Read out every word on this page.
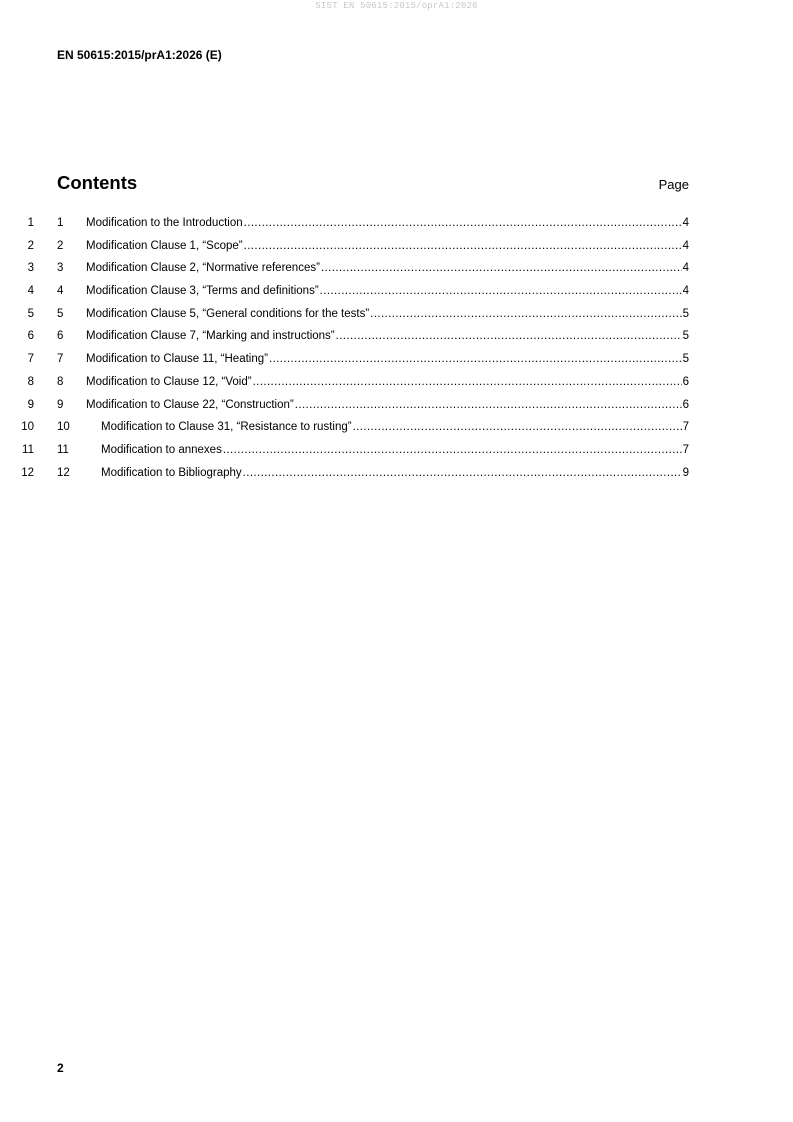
SIST EN 50615:2015/oprA1:2026
EN 50615:2015/prA1:2026 (E)
Contents	Page
1 1 Modification to the Introduction .....	4
2 2 Modification Clause 1, “Scope” .....	4
3 3 Modification Clause 2, “Normative references” .....	4
4 4 Modification Clause 3, “Terms and definitions” .....	4
5 5 Modification Clause 5, “General conditions for the tests” .....	5
6 6 Modification Clause 7, “Marking and instructions” .....	5
7 7 Modification to Clause 11, “Heating” .....	5
8 8 Modification to Clause 12, “Void” .....	6
9 9 Modification to Clause 22, “Construction” .....	6
10 10	Modification to Clause 31, “Resistance to rusting” .....	7
11 11	Modification to annexes .....	7
12 12	Modification to Bibliography .....	9
2
